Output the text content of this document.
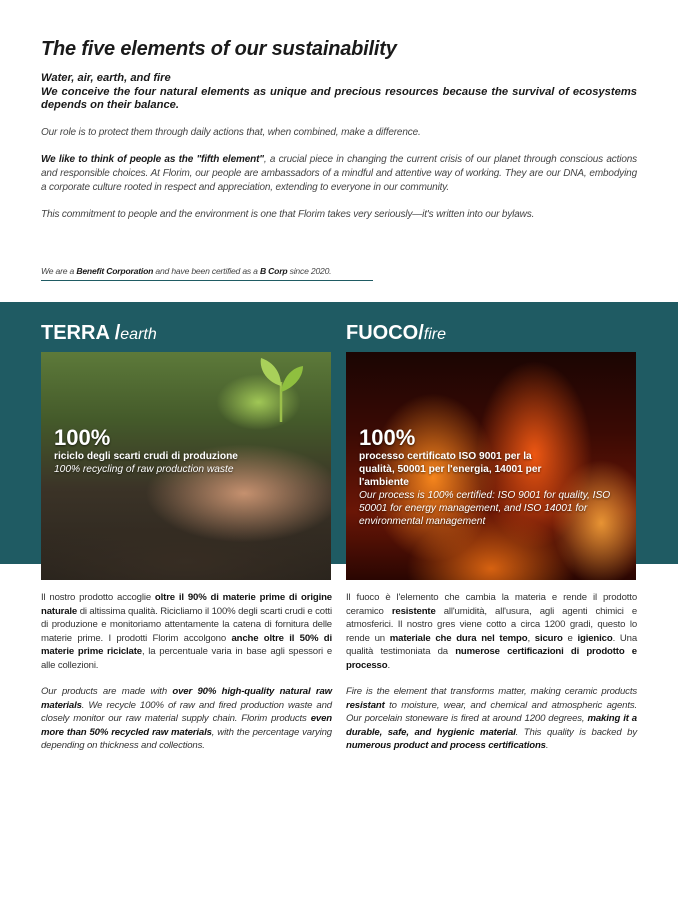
The five elements of our sustainability
Water, air, earth, and fire
We conceive the four natural elements as unique and precious resources because the survival of ecosystems depends on their balance.

Our role is to protect them through daily actions that, when combined, make a difference.

We like to think of people as the "fifth element", a crucial piece in changing the current crisis of our planet through conscious actions and responsible choices. At Florim, our people are ambassadors of a mindful and attentive way of working. They are our DNA, embodying a corporate culture rooted in respect and appreciation, extending to everyone in our community.

This commitment to people and the environment is one that Florim takes very seriously—it's written into our bylaws.

We are a Benefit Corporation and have been certified as a B Corp since 2020.
TERRA /earth
100%
riciclo degli scarti crudi di produzione
100% recycling of raw production waste

Il nostro prodotto accoglie oltre il 90% di materie prime di origine naturale di altissima qualità. Ricicliamo il 100% degli scarti crudi e cotti di produzione e monitoriamo attentamente la catena di fornitura delle materie prime. I prodotti Florim accolgono anche oltre il 50% di materie prime riciclate, la percentuale varia in base agli spessori e alle collezioni.

Our products are made with over 90% high-quality natural raw materials. We recycle 100% of raw and fired production waste and closely monitor our raw material supply chain. Florim products even more than 50% recycled raw materials, with the percentage varying depending on thickness and collections.

FUOCO/fire
100%
processo certificato ISO 9001 per la qualità, 50001 per l'energia, 14001 per l'ambiente
Our process is 100% certified: ISO 9001 for quality, ISO 50001 for energy management, and ISO 14001 for environmental management

Il fuoco è l'elemento che cambia la materia e rende il prodotto ceramico resistente all'umidità, all'usura, agli agenti chimici e atmosferici. Il nostro gres viene cotto a circa 1200 gradi, questo lo rende un materiale che dura nel tempo, sicuro e igienico. Una qualità testimoniata da numerose certificazioni di prodotto e processo.

Fire is the element that transforms matter, making ceramic products resistant to moisture, wear, and chemical and atmospheric agents. Our porcelain stoneware is fired at around 1200 degrees, making it a durable, safe, and hygienic material. This quality is backed by numerous product and process certifications.
